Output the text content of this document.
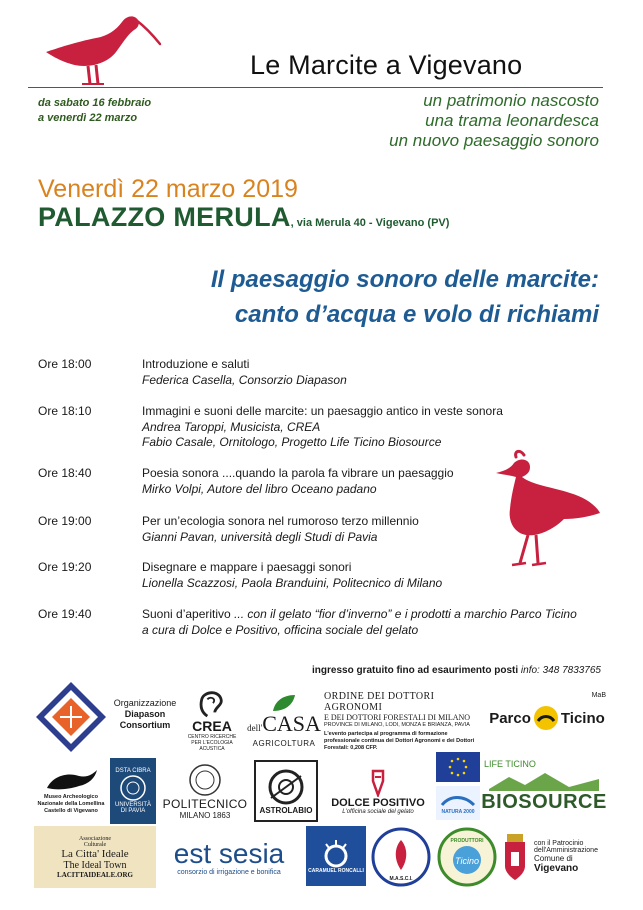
Le Marcite a Vigevano
da sabato 16 febbraio
a venerdì 22 marzo
un patrimonio nascosto
una trama leonardesca
un nuovo paesaggio sonoro
Venerdì 22 marzo 2019
PALAZZO MERULA, via Merula 40 - Vigevano (PV)
Il paesaggio sonoro delle marcite:
canto d’acqua e volo di richiami
Ore 18:00	Introduzione e saluti
Federica Casella, Consorzio Diapason
Ore 18:10	Immagini e suoni delle marcite: un paesaggio antico in veste sonora
Andrea Taroppi, Musicista, CREA
Fabio Casale, Ornitologo, Progetto Life Ticino Biosource
Ore 18:40	Poesia sonora ....quando la parola fa vibrare un paesaggio
Mirko Volpi, Autore del libro Oceano padano
Ore 19:00	Per un’ecologia sonora nel rumoroso terzo millennio
Gianni Pavan, università degli Studi di Pavia
Ore 19:20	Disegnare e mappare i paesaggi sonori
Lionella Scazzosi, Paola Branduini, Politecnico di Milano
Ore 19:40	Suoni d’aperitivo ... con il gelato “fior d’inverno” e i prodotti a marchio Parco Ticino
a cura di Dolce e Positivo, officina sociale del gelato
ingresso gratuito fino ad esaurimento posti info: 348 7833765
Organizzazione
Diapason
Consortium CREA
CENTRO RICERCHE PER L'ECOLOGIA ACUSTICA
dell'CASA
AGRICOLTURA
ORDINE DEI DOTTORI AGRONOMI
E DEI DOTTORI FORESTALI DI MILANO
PROVINCE DI MILANO, LODI, MONZA E BRIANZA, PAVIA
L'evento partecipa al programma di formazione professionale continua dei Dottori Agronomi e dei Dottori Forestali: 0,208 CFP.
Parco Ticino
MaB
Museo Archeologico
Nazionale della Lomellina
Castello di Vigevano
DSTA CIBRA
UNIVERSITÀ
DI PAVIA
POLITECNICO
MILANO 1863
ASTROLABIO
DOLCE POSITIVO
L'officina sociale del gelato	NATURA 2000
LIFE TICINO
BIOSOURCE
Associazione
Culturale
La Citta' Ideale
The Ideal Town
LACITTAIDEALE.ORG
est sesia
consorzio di irrigazione e bonifica	CARAMUEL RONCALLI
M.A.S.C.I.
PRODUTTORI
Ticino
con il Patrocinio
dell'Amministrazione
Comune di
Vigevano
